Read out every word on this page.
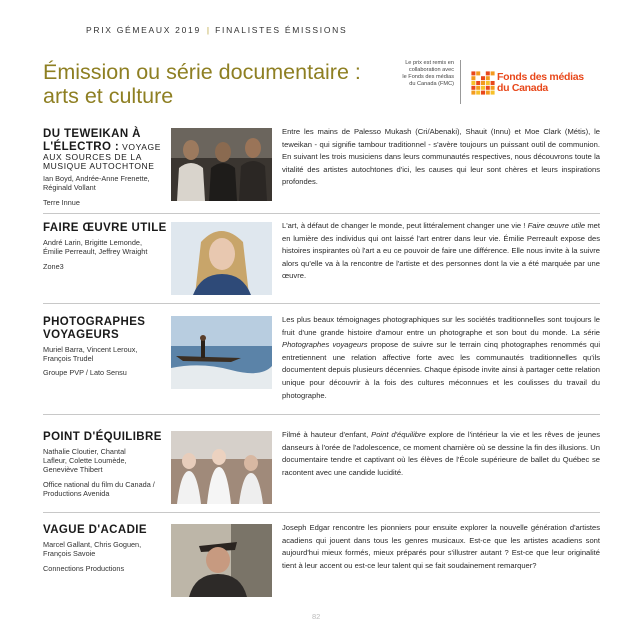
PRIX GÉMEAUX 2019 | FINALISTES ÉMISSIONS
Émission ou série documentaire :
arts et culture
Le prix est remis en
collaboration avec
le Fonds des médias
du Canada (FMC)
Fonds des médias
du Canada
DU TEWEIKAN À
L'ÉLECTRO : VOYAGE
AUX SOURCES DE LA
MUSIQUE AUTOCHTONE
Ian Boyd, Andrée-Anne Frenette,
Réginald Vollant
Terre Innue
Entre les mains de Palesso Mukash (Cri/Abenaki), Shauit (Innu) et Moe Clark (Métis), le teweikan - qui signifie tambour traditionnel - s'avère toujours un puissant outil de communion. En suivant les trois musiciens dans leurs communautés respectives, nous découvrons toute la vitalité des artistes autochtones d'ici, les causes qui leur sont chères et leurs inspirations profondes.
FAIRE ŒUVRE UTILE
André Larin, Brigitte Lemonde,
Émilie Perreault, Jeffrey Wraight
Zone3
L'art, à défaut de changer le monde, peut littéralement changer une vie ! Faire œuvre utile met en lumière des individus qui ont laissé l'art entrer dans leur vie. Émilie Perreault expose des histoires inspirantes où l'art a eu ce pouvoir de faire une différence. Elle nous invite à la suivre alors qu'elle va à la rencontre de l'artiste et des personnes dont la vie a été marquée par une œuvre.
PHOTOGRAPHES
VOYAGEURS
Muriel Barra, Vincent Leroux,
François Trudel
Groupe PVP / Lato Sensu
Les plus beaux témoignages photographiques sur les sociétés traditionnelles sont toujours le fruit d'une grande histoire d'amour entre un photographe et son bout du monde. La série Photographes voyageurs propose de suivre sur le terrain cinq photographes renommés qui entretiennent une relation affective forte avec les communautés traditionnelles qu'ils documentent depuis plusieurs décennies. Chaque épisode invite ainsi à partager cette relation unique pour découvrir à la fois des cultures méconnues et les coulisses du travail du photographe.
POINT D'ÉQUILIBRE
Nathalie Cloutier, Chantal
Lafleur, Colette Loumède,
Geneviève Thibert
Office national du film du Canada /
Productions Avenida
Filmé à hauteur d'enfant, Point d'équilibre explore de l'intérieur la vie et les rêves de jeunes danseurs à l'orée de l'adolescence, ce moment charnière où se dessine la fin des illusions. Un documentaire tendre et captivant où les élèves de l'École supérieure de ballet du Québec se racontent avec une candide lucidité.
VAGUE D'ACADIE
Marcel Gallant, Chris Goguen,
François Savoie
Connections Productions
Joseph Edgar rencontre les pionniers pour ensuite explorer la nouvelle génération d'artistes acadiens qui jouent dans tous les genres musicaux. Est-ce que les artistes acadiens sont aujourd'hui mieux formés, mieux préparés pour s'illustrer autant ? Est-ce que leur originalité tient à leur accent ou est-ce leur talent qui se fait soudainement remarquer?
82
